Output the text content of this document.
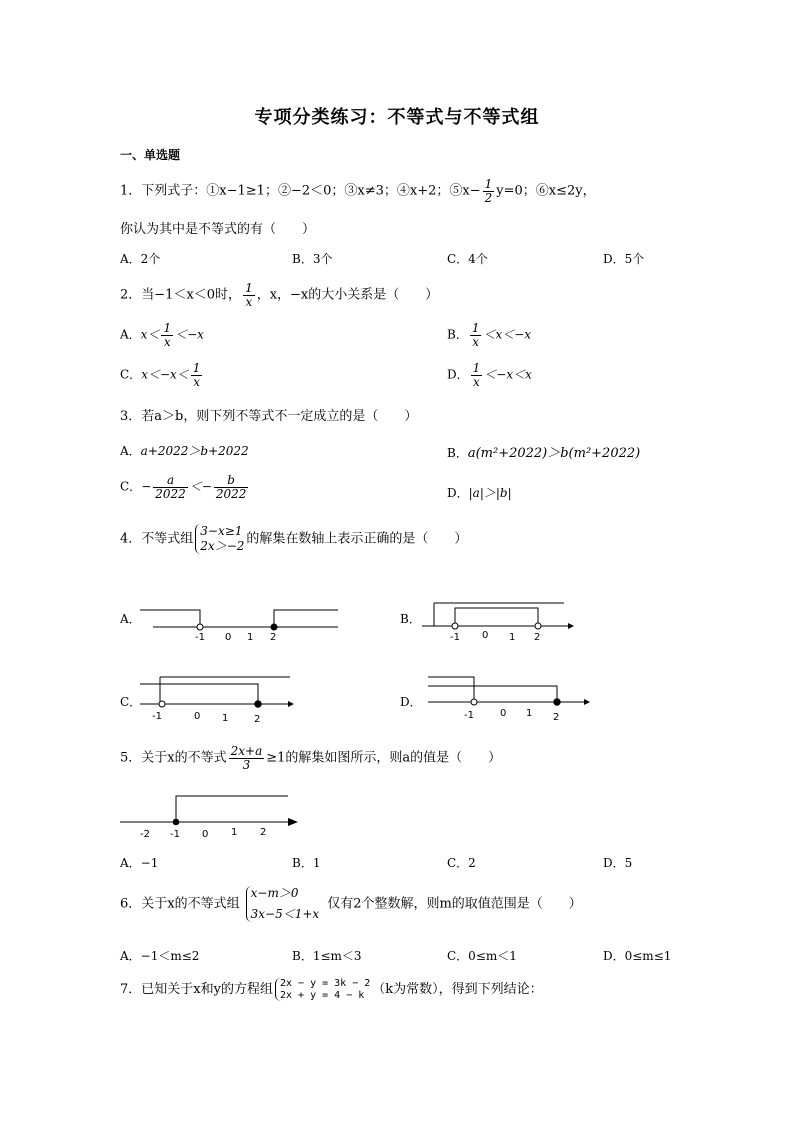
专项分类练习：不等式与不等式组
一、单选题
1．下列式子：①x−1≥1；②−2＜0；③x≠3；④x+2；⑤x− $\frac{1}{2} y=0$；⑥x≤2y，
你认为其中是不等式的有（　　）
A．2个	B．3个	C．4个	D．5个
2．当−1＜x＜0时， $\frac{1}{x}$ ，x，−x的大小关系是（　　）
A．$x< \frac{1}{x} <-x$	B． $\frac{1}{x} <x<-x$
C．$x<-x< \frac{1}{x}$	D． $\frac{1}{x} <-x<x$
3．若a＞b，则下列不等式不一定成立的是（　　）
A．a+2022＞b+2022	B．a(m²+2022)＞b(m²+2022)
C．− $\frac{a}{2022} <- \frac{b}{2022}$	D．|a|＞|b|
4．不等式组
3−x≥1
2x＞−2 的解集在数轴上表示正确的是（　　）
A．
-1 0 1 2
B．
-1 0 1 2
C．
-1	0 1	2
D．
-1	0 1 2
5．关于x的不等式 $\frac{2x+a}{3} \ge 1$的解集如图所示，则a的值是（　　）
-2 -1 0 1 2
A．−1	B．1	C．2	D．5
6．关于x的不等式组
x−m＞0
3x−5＜1+x
仅有2个整数解，则m的取值范围是（　　）
A．−1＜m≤2	B．1≤m＜3	C．0≤m＜1	D．0≤m≤1
7．已知关于x和y的方程组 2x − y = 3k − 2
2x + y = 4 − k （k为常数），得到下列结论：
